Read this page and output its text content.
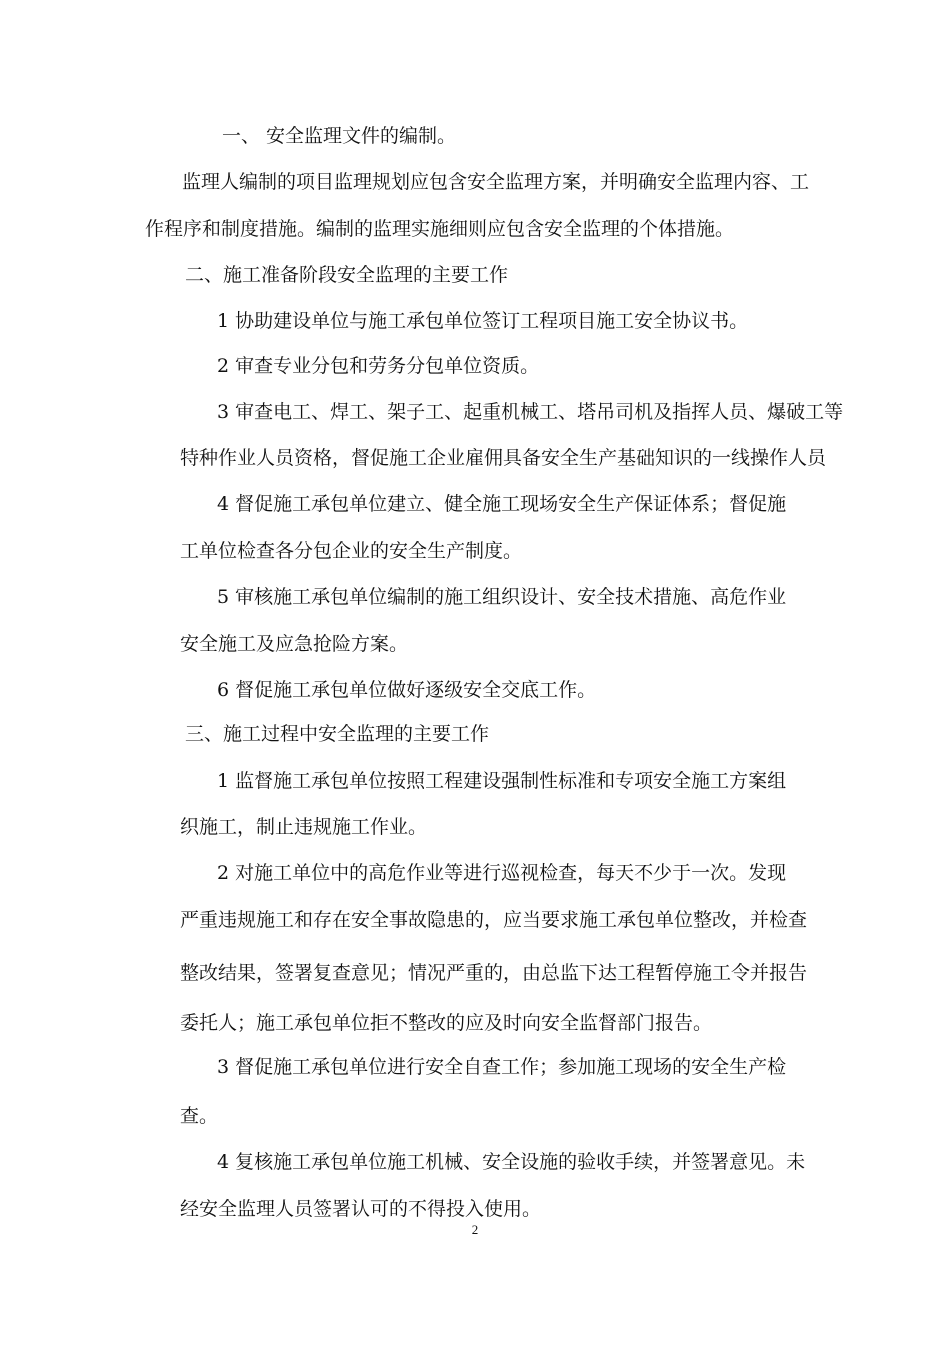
一、 安全监理文件的编制。

监理人编制的项目监理规划应包含安全监理方案，并明确安全监理内容、工

作程序和制度措施。编制的监理实施细则应包含安全监理的个体措施。

二、施工准备阶段安全监理的主要工作

1 协助建设单位与施工承包单位签订工程项目施工安全协议书。

2 审查专业分包和劳务分包单位资质。

3 审查电工、焊工、架子工、起重机械工、塔吊司机及指挥人员、爆破工等

特种作业人员资格，督促施工企业雇佣具备安全生产基础知识的一线操作人员

4 督促施工承包单位建立、健全施工现场安全生产保证体系；督促施

工单位检查各分包企业的安全生产制度。

5 审核施工承包单位编制的施工组织设计、安全技术措施、高危作业

安全施工及应急抢险方案。

6 督促施工承包单位做好逐级安全交底工作。

三、施工过程中安全监理的主要工作

1 监督施工承包单位按照工程建设强制性标准和专项安全施工方案组

织施工，制止违规施工作业。

2 对施工单位中的高危作业等进行巡视检查，每天不少于一次。发现

严重违规施工和存在安全事故隐患的，应当要求施工承包单位整改，并检查

整改结果，签署复查意见；情况严重的，由总监下达工程暂停施工令并报告

委托人；施工承包单位拒不整改的应及时向安全监督部门报告。

3 督促施工承包单位进行安全自查工作；参加施工现场的安全生产检

查。

4 复核施工承包单位施工机械、安全设施的验收手续，并签署意见。未

经安全监理人员签署认可的不得投入使用。

2
